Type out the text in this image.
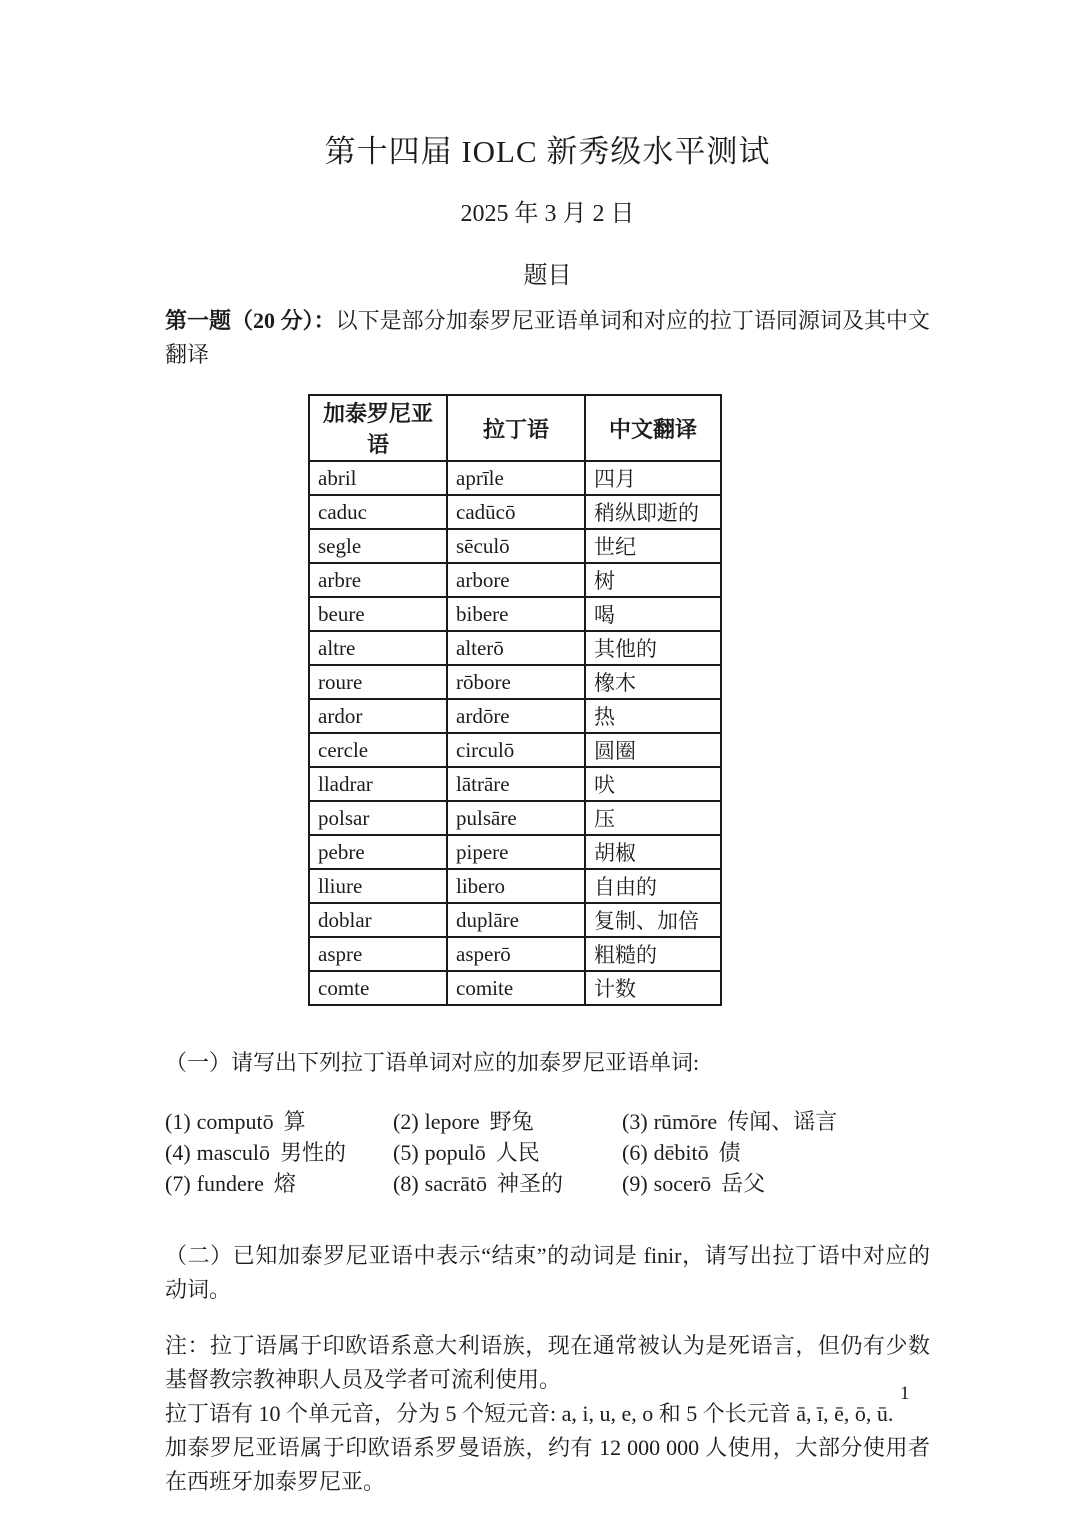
第十四届 IOLC 新秀级水平测试
2025 年 3 月 2 日
题目

第一题（20 分）：以下是部分加泰罗尼亚语单词和对应的拉丁语同源词及其中文翻译

加泰罗尼亚语	拉丁语	中文翻译
abril	aprīle	四月
caduc	cadūcō	稍纵即逝的
segle	sēculō	世纪
arbre	arbore	树
beure	bibere	喝
altre	alterō	其他的
roure	rōbore	橡木
ardor	ardōre	热
cercle	circulō	圆圈
lladrar	lātrāre	吠
polsar	pulsāre	压
pebre	pipere	胡椒
lliure	libero	自由的
doblar	duplāre	复制、加倍
aspre	asperō	粗糙的
comte	comite	计数
（一）请写出下列拉丁语单词对应的加泰罗尼亚语单词:
(1) computō 算	(2) lepore 野兔	(3) rūmōre 传闻、谣言
(4) masculō 男性的	(5) populō 人民	(6) dēbitō 债
(7) fundere 熔	(8) sacrātō 神圣的	(9) socerō 岳父

（二）已知加泰罗尼亚语中表示“结束”的动词是 finir，请写出拉丁语中对应的动词。

注：拉丁语属于印欧语系意大利语族，现在通常被认为是死语言，但仍有少数基督教宗教神职人员及学者可流利使用。

拉丁语有 10 个单元音，分为 5 个短元音: a, i, u, e, o 和 5 个长元音 ā, ī, ē, ō, ū.

加泰罗尼亚语属于印欧语系罗曼语族，约有 12 000 000 人使用，大部分使用者在西班牙加泰罗尼亚。

1
